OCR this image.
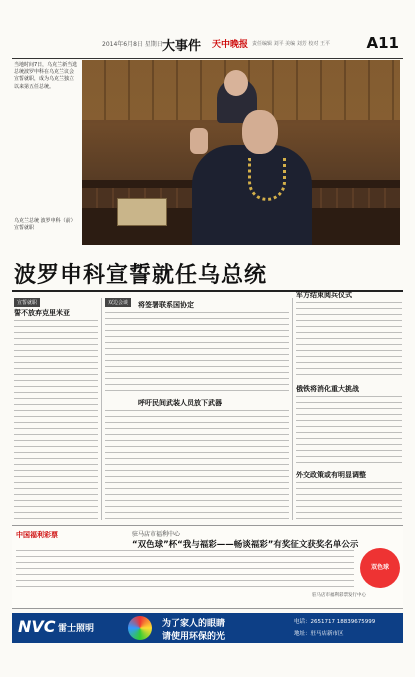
2014年6月8日 星期日 大事件 天中晚报 责任编辑 刘平 美编 刘芳 校对 王平 A11
当地时间7日，乌克兰新当选总统波罗申科在乌克兰议会宣誓就职，成为乌克兰独立以来第五任总统。
乌克兰总统 波罗申科（前）宣誓就职
波罗申科宣誓就任乌总统
宣誓就职
誓不放弃克里米亚
双边会谈	将签署联系国协定
呼吁民间武装人员放下武器
军方结束阅兵仪式
俄铁将消化重大挑战
外交政策或有明显调整
中国福利彩票	驻马店市福利中心
“双色球”杯“我与福彩——畅谈福彩”有奖征文获奖名单公示
双色球
驻马店市福利彩票发行中心
NVC 雷士照明	为了家人的眼睛
请使用环保的光
电话：2651717 18839675999
地址：驻马店新市区
